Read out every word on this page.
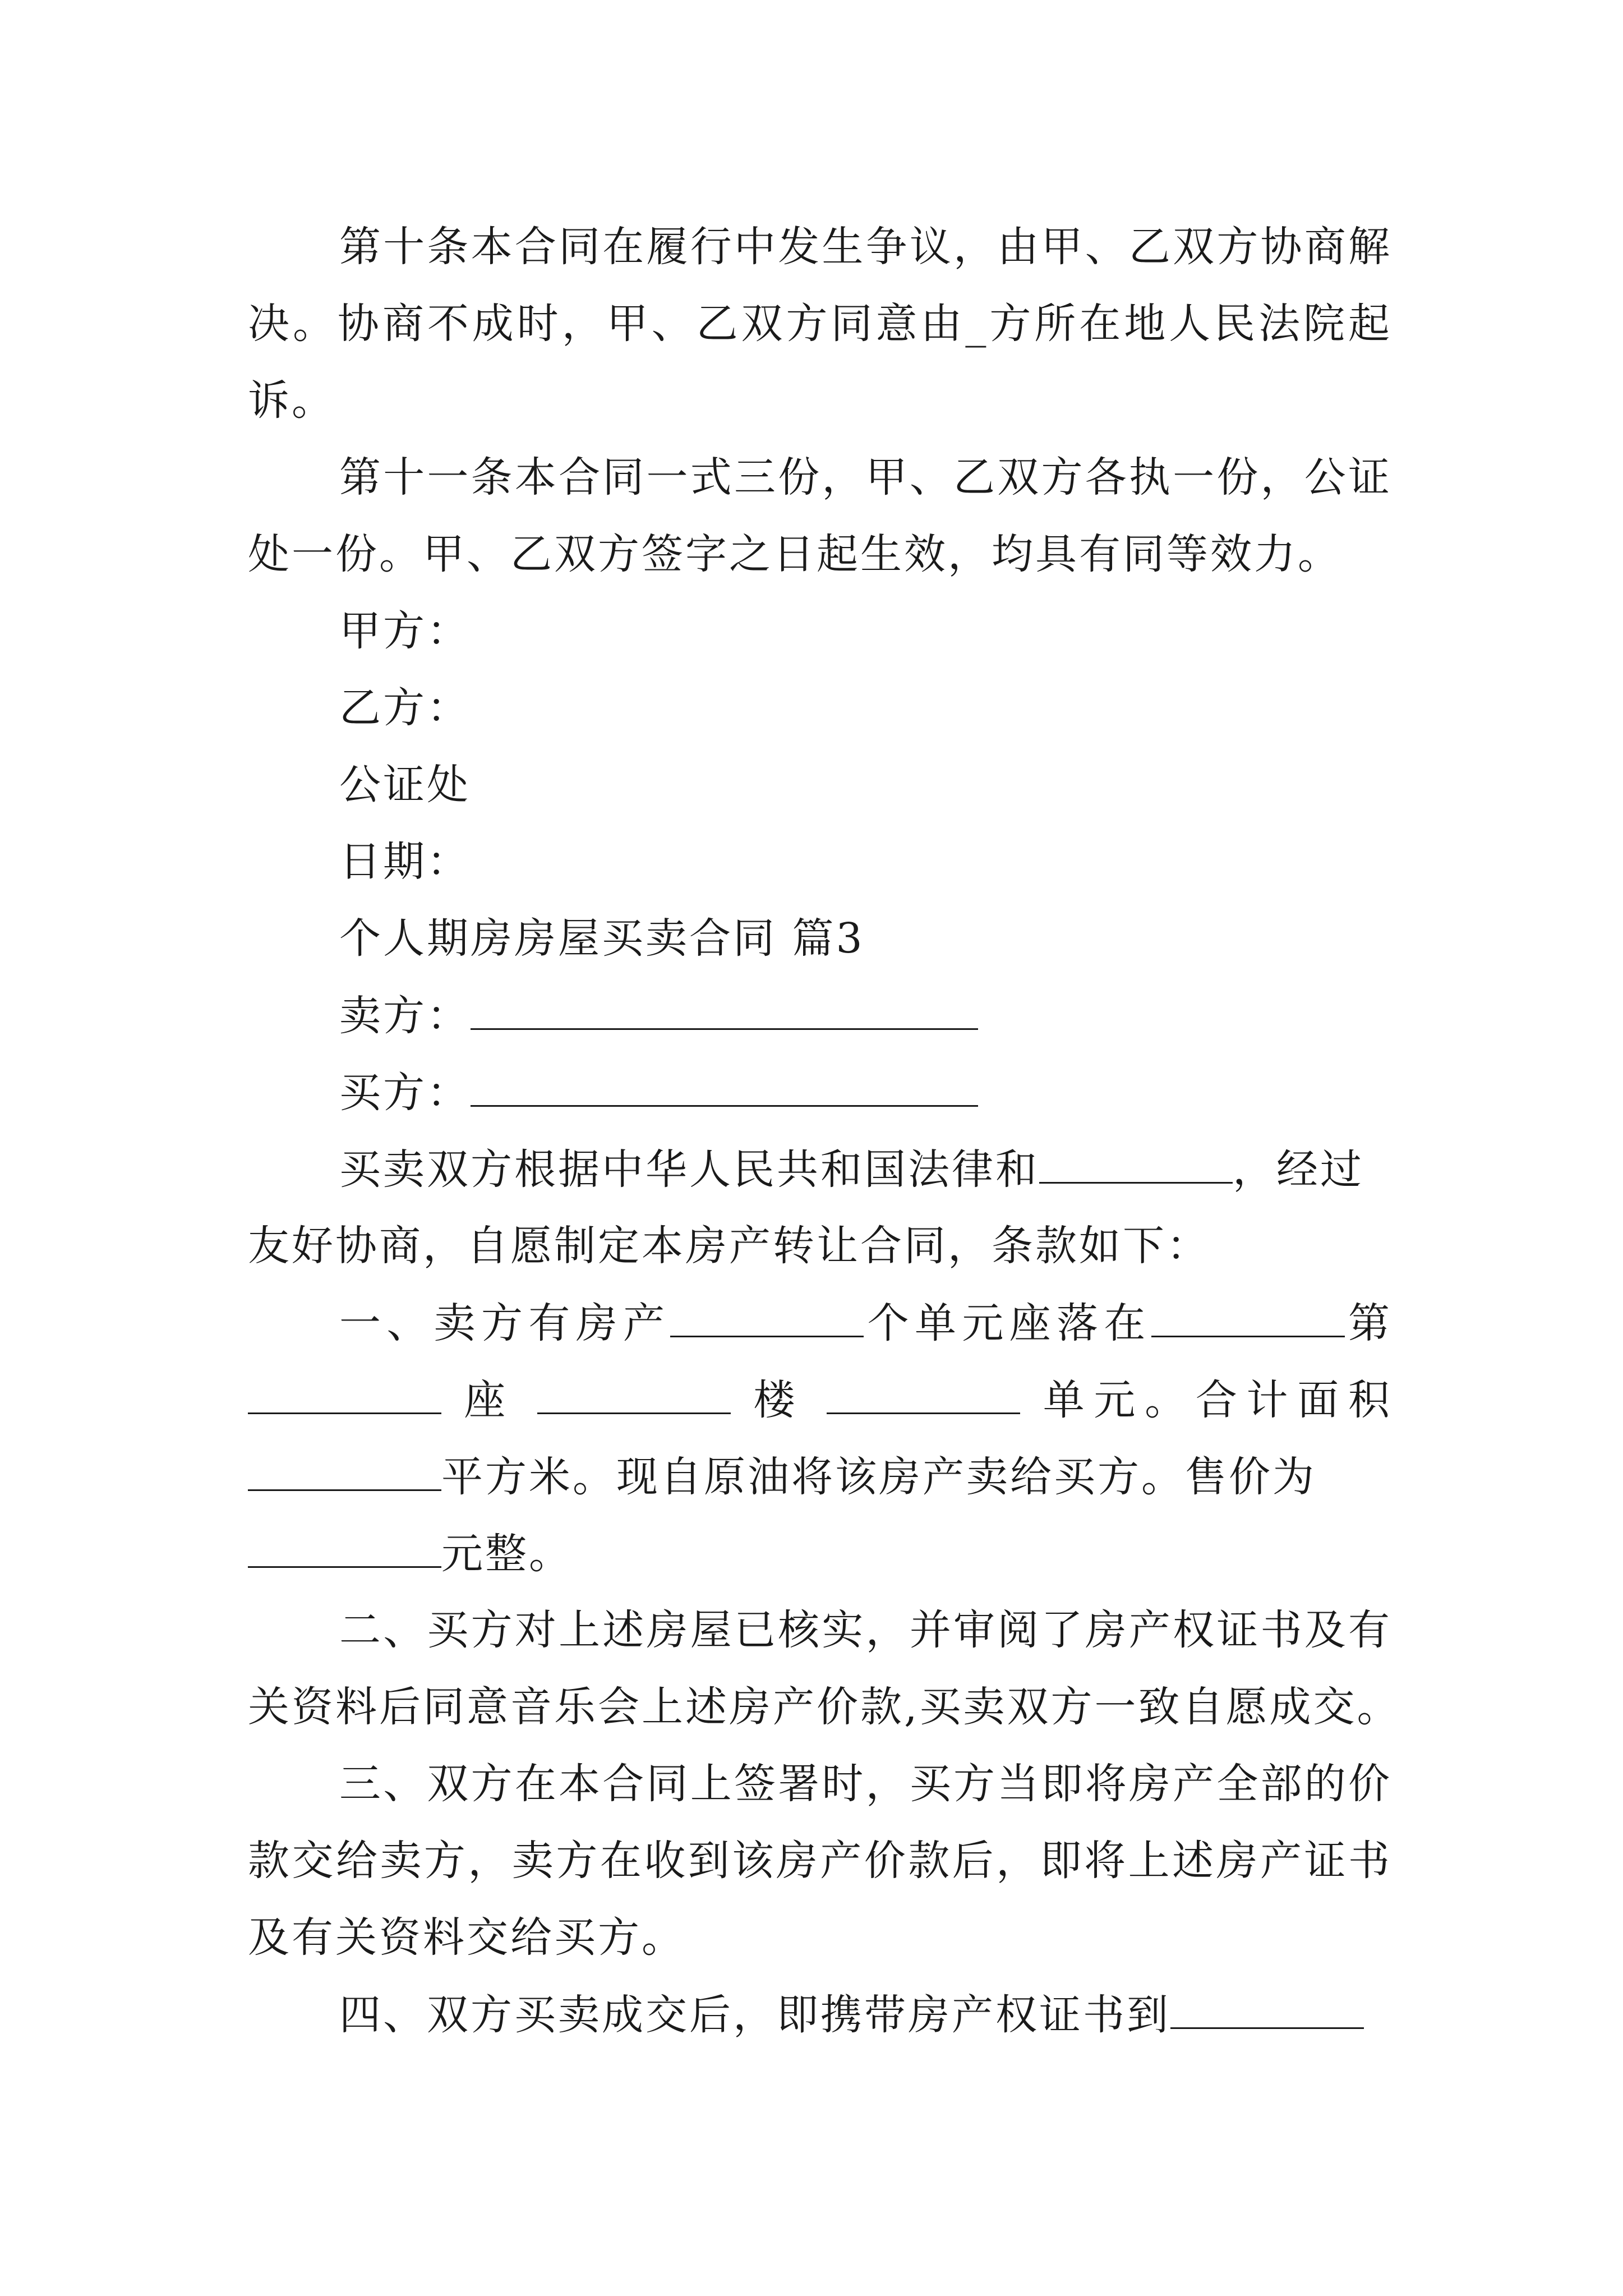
第十条本合同在履行中发生争议，由甲、乙双方协商解
决。协商不成时，甲、乙双方同意由_方所在地人民法院起
诉。
第十一条本合同一式三份，甲、乙双方各执一份，公证
处一份。甲、乙双方签字之日起生效，均具有同等效力。
甲方：
乙方：
公证处
日期：
个人期房房屋买卖合同 篇3
卖方：
买方：
买卖双方根据中华人民共和国法律和	，经过
友好协商，自愿制定本房产转让合同，条款如下：
一、卖方有房产	个单元座落在	第
座	楼	单元。合计面积
平方米。现自原油将该房产卖给买方。售价为
元整。
二、买方对上述房屋已核实，并审阅了房产权证书及有
关资料后同意音乐会上述房产价款,买卖双方一致自愿成交。
三、双方在本合同上签署时，买方当即将房产全部的价
款交给卖方，卖方在收到该房产价款后，即将上述房产证书
及有关资料交给买方。
四、双方买卖成交后，即携带房产权证书到
